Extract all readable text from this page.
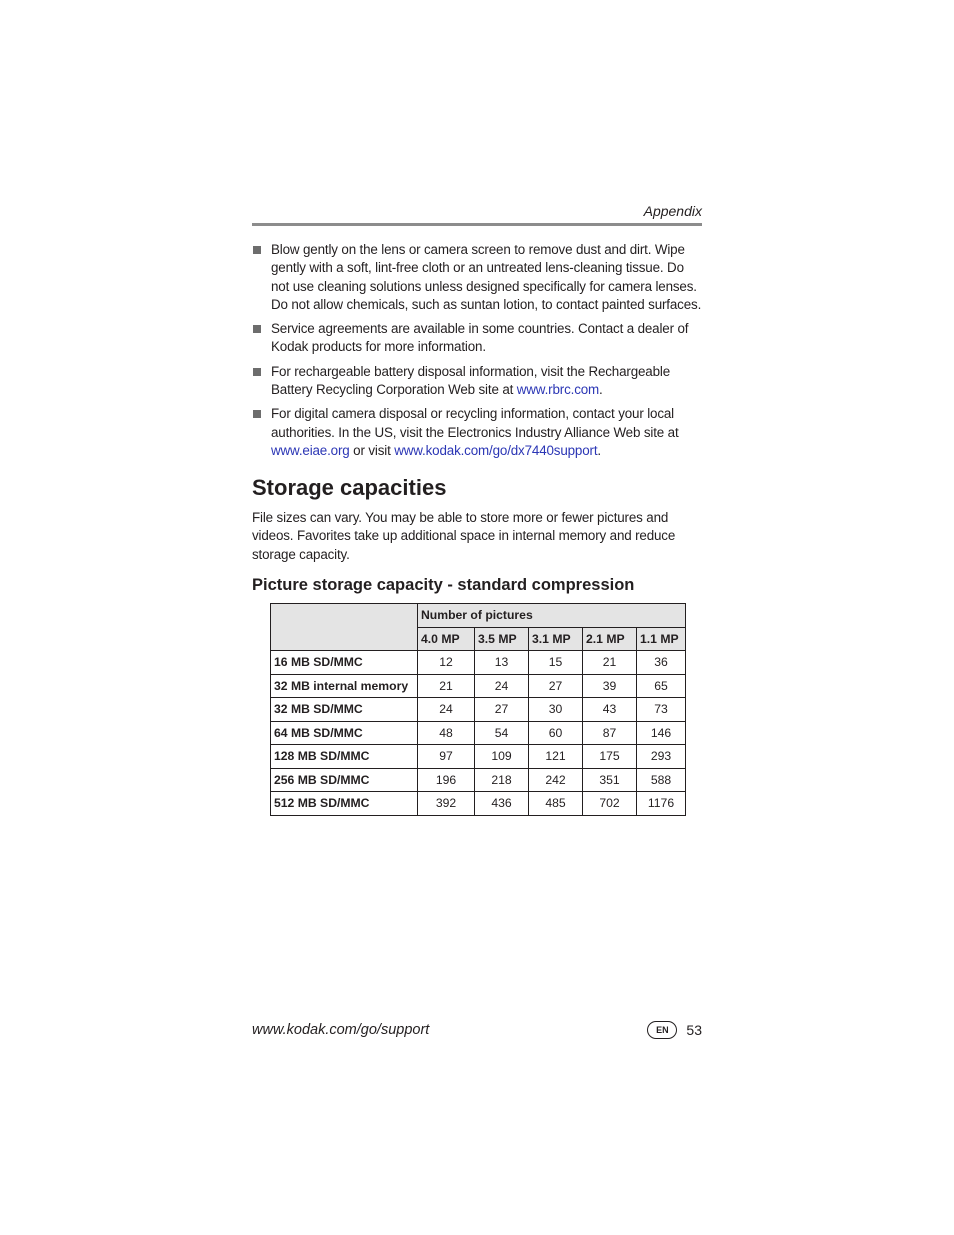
Appendix
Blow gently on the lens or camera screen to remove dust and dirt. Wipe gently with a soft, lint-free cloth or an untreated lens-cleaning tissue. Do not use cleaning solutions unless designed specifically for camera lenses. Do not allow chemicals, such as suntan lotion, to contact painted surfaces.
Service agreements are available in some countries. Contact a dealer of Kodak products for more information.
For rechargeable battery disposal information, visit the Rechargeable Battery Recycling Corporation Web site at www.rbrc.com.
For digital camera disposal or recycling information, contact your local authorities. In the US, visit the Electronics Industry Alliance Web site at www.eiae.org or visit www.kodak.com/go/dx7440support.
Storage capacities

File sizes can vary. You may be able to store more or fewer pictures and videos. Favorites take up additional space in internal memory and reduce storage capacity.

Picture storage capacity - standard compression
	Number of pictures				
	4.0 MP	3.5 MP	3.1 MP	2.1 MP	1.1 MP
16 MB SD/MMC	12	13	15	21	36
32 MB internal memory	21	24	27	39	65
32 MB SD/MMC	24	27	30	43	73
64 MB SD/MMC	48	54	60	87	146
128 MB SD/MMC	97	109	121	175	293
256 MB SD/MMC	196	218	242	351	588
512 MB SD/MMC	392	436	485	702	1176
www.kodak.com/go/support	EN	53
